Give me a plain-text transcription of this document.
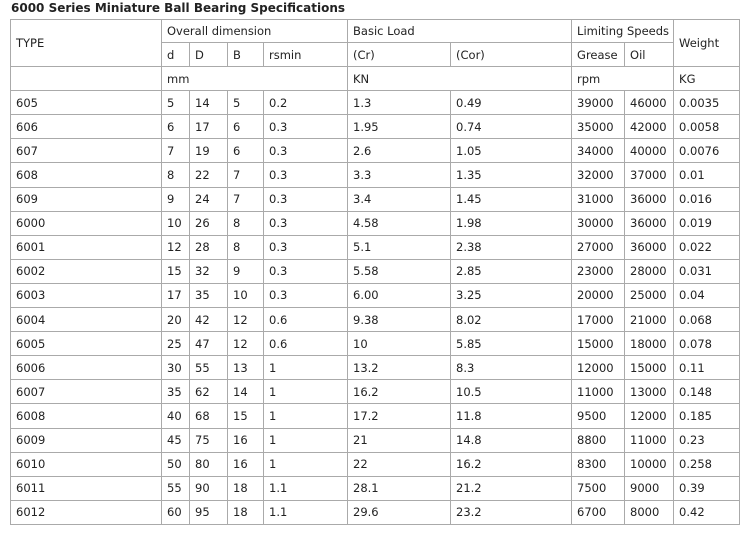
6000 Series Miniature Ball Bearing Specifications
TYPE	Overall dimension				Basic Load		Limiting Speeds		Weight
	d	D	B	rsmin	(Cr)	(Cor)	Grease	Oil	
	mm				KN		rpm		KG
605	5	14	5	0.2	1.3	0.49	39000	46000	0.0035
606	6	17	6	0.3	1.95	0.74	35000	42000	0.0058
607	7	19	6	0.3	2.6	1.05	34000	40000	0.0076
608	8	22	7	0.3	3.3	1.35	32000	37000	0.01
609	9	24	7	0.3	3.4	1.45	31000	36000	0.016
6000	10	26	8	0.3	4.58	1.98	30000	36000	0.019
6001	12	28	8	0.3	5.1	2.38	27000	36000	0.022
6002	15	32	9	0.3	5.58	2.85	23000	28000	0.031
6003	17	35	10	0.3	6.00	3.25	20000	25000	0.04
6004	20	42	12	0.6	9.38	8.02	17000	21000	0.068
6005	25	47	12	0.6	10	5.85	15000	18000	0.078
6006	30	55	13	1	13.2	8.3	12000	15000	0.11
6007	35	62	14	1	16.2	10.5	11000	13000	0.148
6008	40	68	15	1	17.2	11.8	9500	12000	0.185
6009	45	75	16	1	21	14.8	8800	11000	0.23
6010	50	80	16	1	22	16.2	8300	10000	0.258
6011	55	90	18	1.1	28.1	21.2	7500	9000	0.39
6012	60	95	18	1.1	29.6	23.2	6700	8000	0.42
